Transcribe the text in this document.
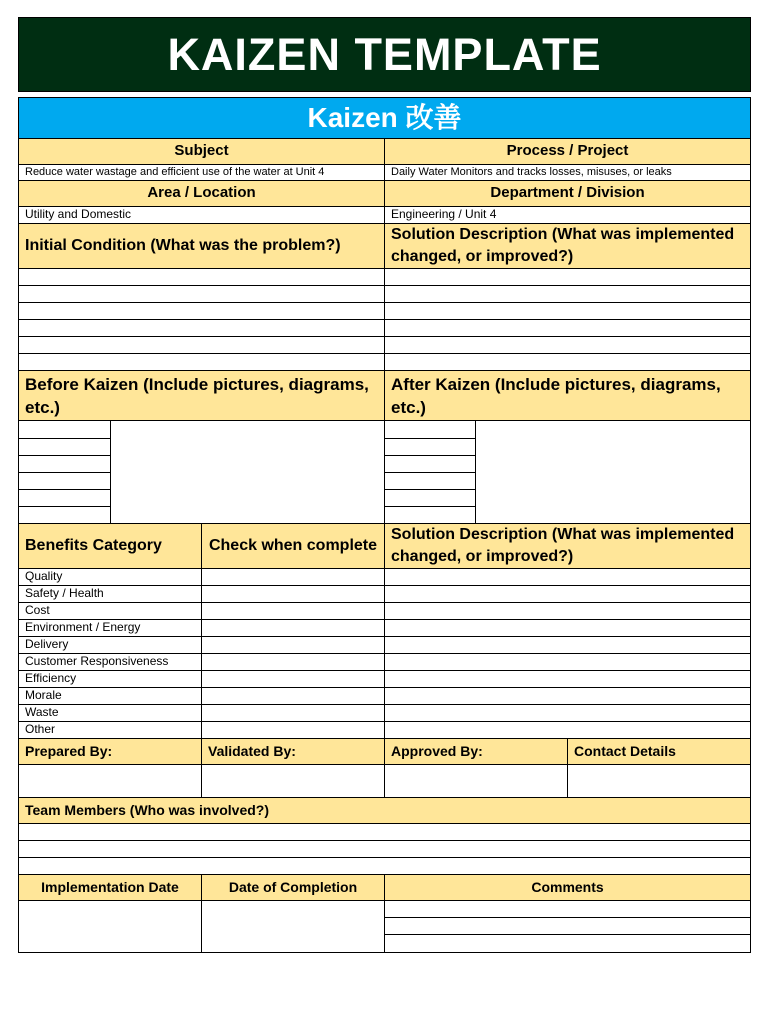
KAIZEN TEMPLATE

Kaizen 改善
Subject	Process / Project
Reduce water wastage and efficient use of the water at Unit 4	Daily Water Monitors and tracks losses, misuses, or leaks
Area / Location	Department / Division
Utility and Domestic	Engineering / Unit 4
Initial Condition (What was the problem?)	Solution Description (What was implemented changed, or improved?)

Before Kaizen (Include pictures, diagrams, etc.)	After Kaizen (Include pictures, diagrams, etc.)

Benefits Category	Check when complete	Solution Description (What was implemented changed, or improved?)
Quality		
Safety / Health		
Cost		
Environment / Energy		
Delivery		
Customer Responsiveness		
Efficiency		
Morale		
Waste		
Other		
Prepared By:	Validated By:	Approved By:	Contact Details

Team Members (Who was involved?)

Implementation Date	Date of Completion	Comments
